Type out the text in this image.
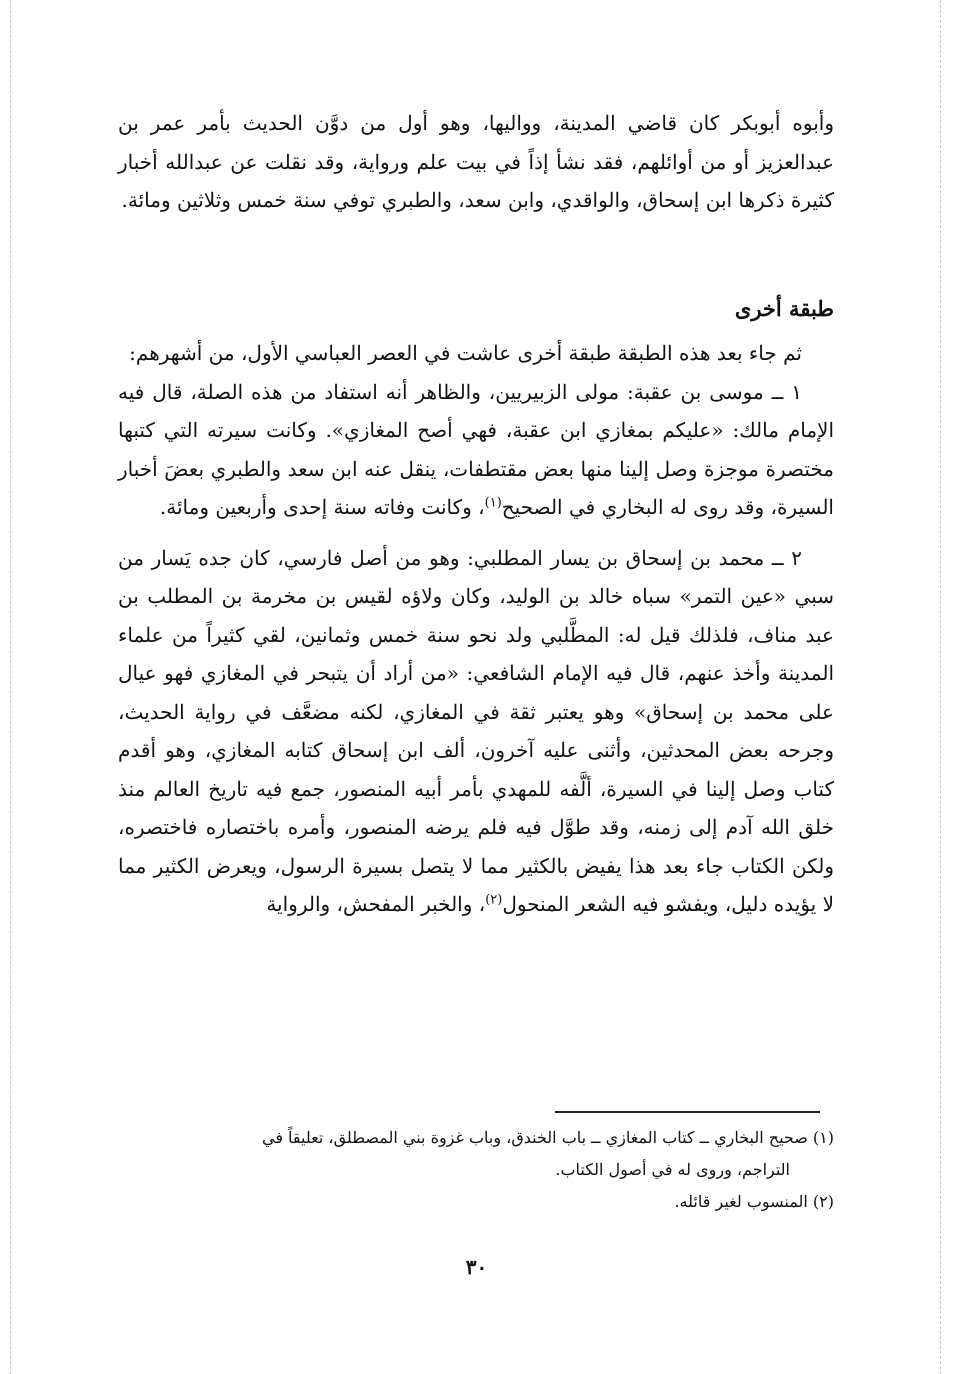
وأبوه أبوبكر كان قاضي المدينة، وواليها، وهو أول من دوَّن الحديث بأمر عمر بن عبدالعزيز أو من أوائلهم، فقد نشأ إذاً في بيت علم ورواية، وقد نقلت عن عبدالله أخبار كثيرة ذكرها ابن إسحاق، والواقدي، وابن سعد، والطبري توفي سنة خمس وثلاثين ومائة.
طبقة أخرى

ثم جاء بعد هذه الطبقة طبقة أخرى عاشت في العصر العباسي الأول، من أشهرهم:

١ ــ موسى بن عقبة: مولى الزبيريين، والظاهر أنه استفاد من هذه الصلة، قال فيه الإمام مالك: «عليكم بمغازي ابن عقبة، فهي أصح المغازي». وكانت سيرته التي كتبها مختصرة موجزة وصل إلينا منها بعض مقتطفات، ينقل عنه ابن سعد والطبري بعضَ أخبار السيرة، وقد روى له البخاري في الصحيح$^{(١)}$، وكانت وفاته سنة إحدى وأربعين ومائة.

٢ ــ محمد بن إسحاق بن يسار المطلبي: وهو من أصل فارسي، كان جده يَسار من سبي «عين التمر» سباه خالد بن الوليد، وكان ولاؤه لقيس بن مخرمة بن المطلب بن عبد مناف، فلذلك قيل له: المطَّلبي ولد نحو سنة خمس وثمانين، لقي كثيراً من علماء المدينة وأخذ عنهم، قال فيه الإمام الشافعي: «من أراد أن يتبحر في المغازي فهو عيال على محمد بن إسحاق» وهو يعتبر ثقة في المغازي، لكنه مضعَّف في رواية الحديث، وجرحه بعض المحدثين، وأثنى عليه آخرون، ألف ابن إسحاق كتابه المغازي، وهو أقدم كتاب وصل إلينا في السيرة، ألَّفه للمهدي بأمر أبيه المنصور، جمع فيه تاريخ العالم منذ خلق الله آدم إلى زمنه، وقد طوَّل فيه فلم يرضه المنصور، وأمره باختصاره فاختصره، ولكن الكتاب جاء بعد هذا يفيض بالكثير مما لا يتصل بسيرة الرسول، ويعرض الكثير مما لا يؤيده دليل، ويفشو فيه الشعر المنحول$^{(٢)}$، والخبر المفحش، والرواية

(١) صحيح البخاري ــ كتاب المغازي ــ باب الخندق، وباب غزوة بني المصطلق، تعليقاً في

التراجم، وروى له في أصول الكتاب.

(٢) المنسوب لغير قائله.

٣٠
